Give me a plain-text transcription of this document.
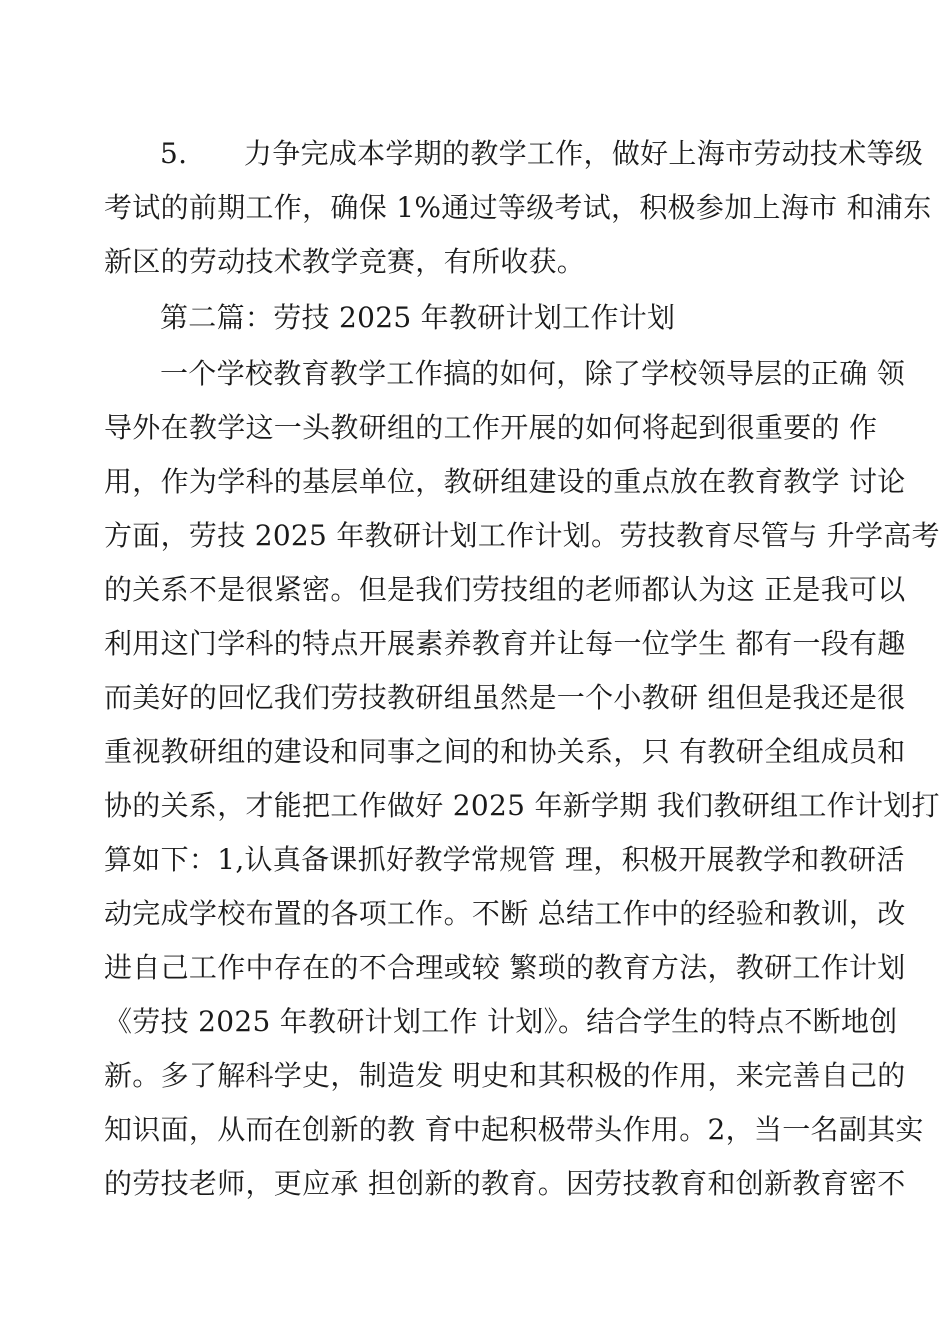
5.　　力争完成本学期的教学工作，做好上海市劳动技术等级
考试的前期工作，确保 1%通过等级考试，积极参加上海市 和浦东
新区的劳动技术教学竞赛，有所收获。
第二篇：劳技 2025 年教研计划工作计划
一个学校教育教学工作搞的如何，除了学校领导层的正确 领
导外在教学这一头教研组的工作开展的如何将起到很重要的 作
用，作为学科的基层单位，教研组建设的重点放在教育教学 讨论
方面，劳技 2025 年教研计划工作计划。劳技教育尽管与 升学高考
的关系不是很紧密。但是我们劳技组的老师都认为这 正是我可以
利用这门学科的特点开展素养教育并让每一位学生 都有一段有趣
而美好的回忆我们劳技教研组虽然是一个小教研 组但是我还是很
重视教研组的建设和同事之间的和协关系，只 有教研全组成员和
协的关系，才能把工作做好 2025 年新学期 我们教研组工作计划打
算如下：1,认真备课抓好教学常规管 理，积极开展教学和教研活
动完成学校布置的各项工作。不断 总结工作中的经验和教训，改
进自己工作中存在的不合理或较 繁琐的教育方法，教研工作计划
《劳技 2025 年教研计划工作 计划》。结合学生的特点不断地创
新。多了解科学史，制造发 明史和其积极的作用，来完善自己的
知识面，从而在创新的教 育中起积极带头作用。2，当一名副其实
的劳技老师，更应承 担创新的教育。因劳技教育和创新教育密不
